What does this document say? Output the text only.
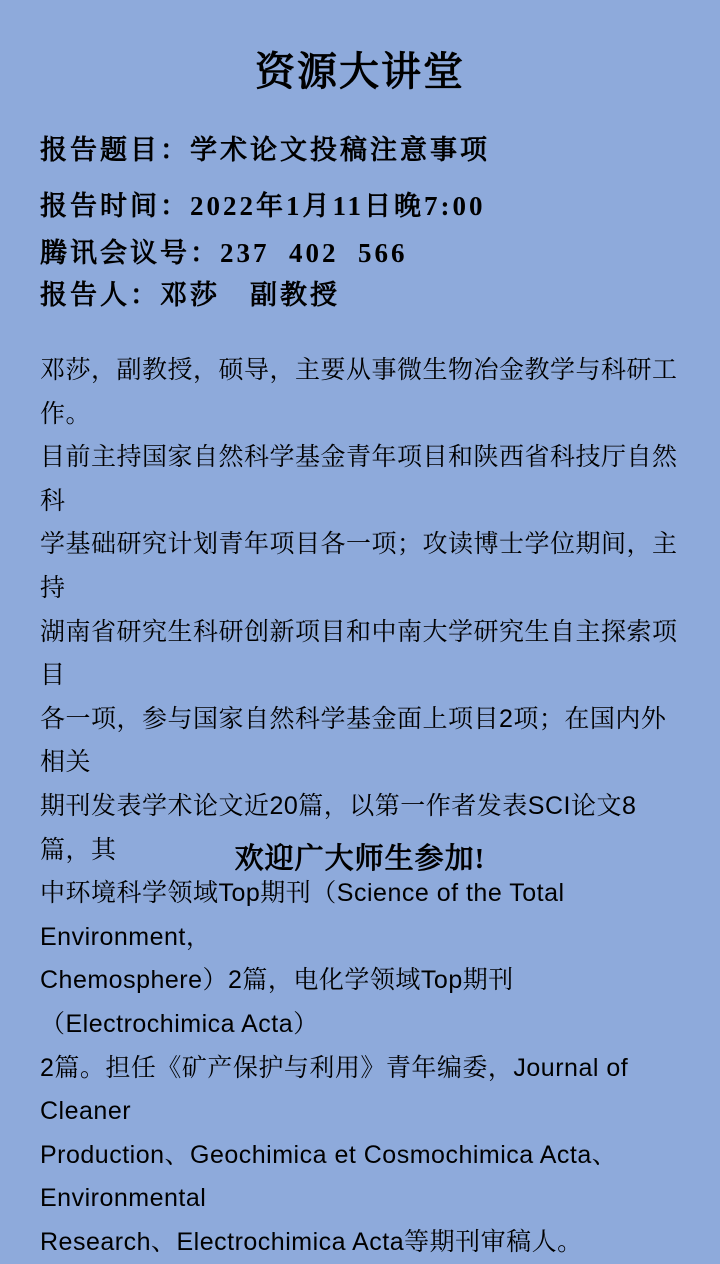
资源大讲堂
报告题目：学术论文投稿注意事项
报告时间：2022年1月11日晚7:00
腾讯会议号：237  402  566
报告人：邓莎　副教授
邓莎，副教授，硕导，主要从事微生物冶金教学与科研工作。
目前主持国家自然科学基金青年项目和陕西省科技厅自然科
学基础研究计划青年项目各一项；攻读博士学位期间，主持
湖南省研究生科研创新项目和中南大学研究生自主探索项目
各一项，参与国家自然科学基金面上项目2项；在国内外相关
期刊发表学术论文近20篇，以第一作者发表SCI论文8篇，其
中环境科学领域Top期刊（Science of the Total Environment，
Chemosphere）2篇，电化学领域Top期刊（Electrochimica Acta）
2篇。担任《矿产保护与利用》青年编委，Journal of Cleaner
Production、Geochimica et Cosmochimica Acta、Environmental
Research、Electrochimica Acta等期刊审稿人。
欢迎广大师生参加!
